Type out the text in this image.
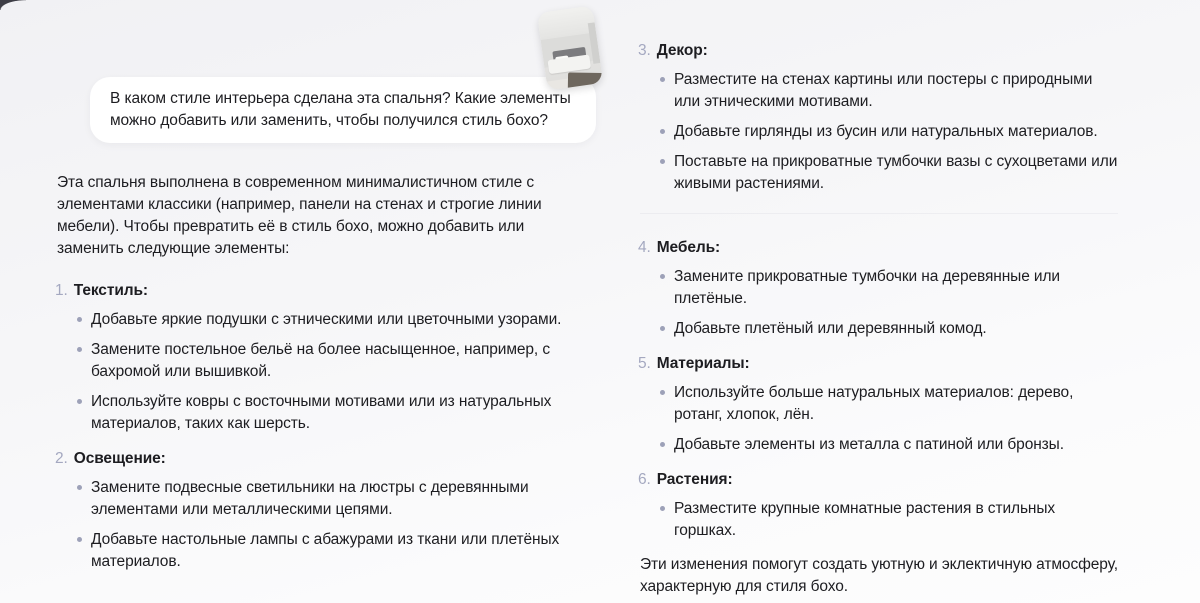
В каком стиле интерьера сделана эта спальня? Какие элементы можно добавить или заменить, чтобы получился стиль бохо?

Эта спальня выполнена в современном минималистичном стиле с элементами классики (например, панели на стенах и строгие линии мебели). Чтобы превратить её в стиль бохо, можно добавить или заменить следующие элементы:

1. Текстиль:
Добавьте яркие подушки с этническими или цветочными узорами.
Замените постельное бельё на более насыщенное, например, с бахромой или вышивкой.
Используйте ковры с восточными мотивами или из натуральных материалов, таких как шерсть.
2. Освещение:
Замените подвесные светильники на люстры с деревянными элементами или металлическими цепями.
Добавьте настольные лампы с абажурами из ткани или плетёных материалов.
3. Декор:
Разместите на стенах картины или постеры с природными или этническими мотивами.
Добавьте гирлянды из бусин или натуральных материалов.
Поставьте на прикроватные тумбочки вазы с сухоцветами или живыми растениями.
4. Мебель:
Замените прикроватные тумбочки на деревянные или плетёные.
Добавьте плетёный или деревянный комод.
5. Материалы:
Используйте больше натуральных материалов: дерево, ротанг, хлопок, лён.
Добавьте элементы из металла с патиной или бронзы.
6. Растения:
Разместите крупные комнатные растения в стильных горшках.

Эти изменения помогут создать уютную и эклектичную атмосферу, характерную для стиля бохо.
